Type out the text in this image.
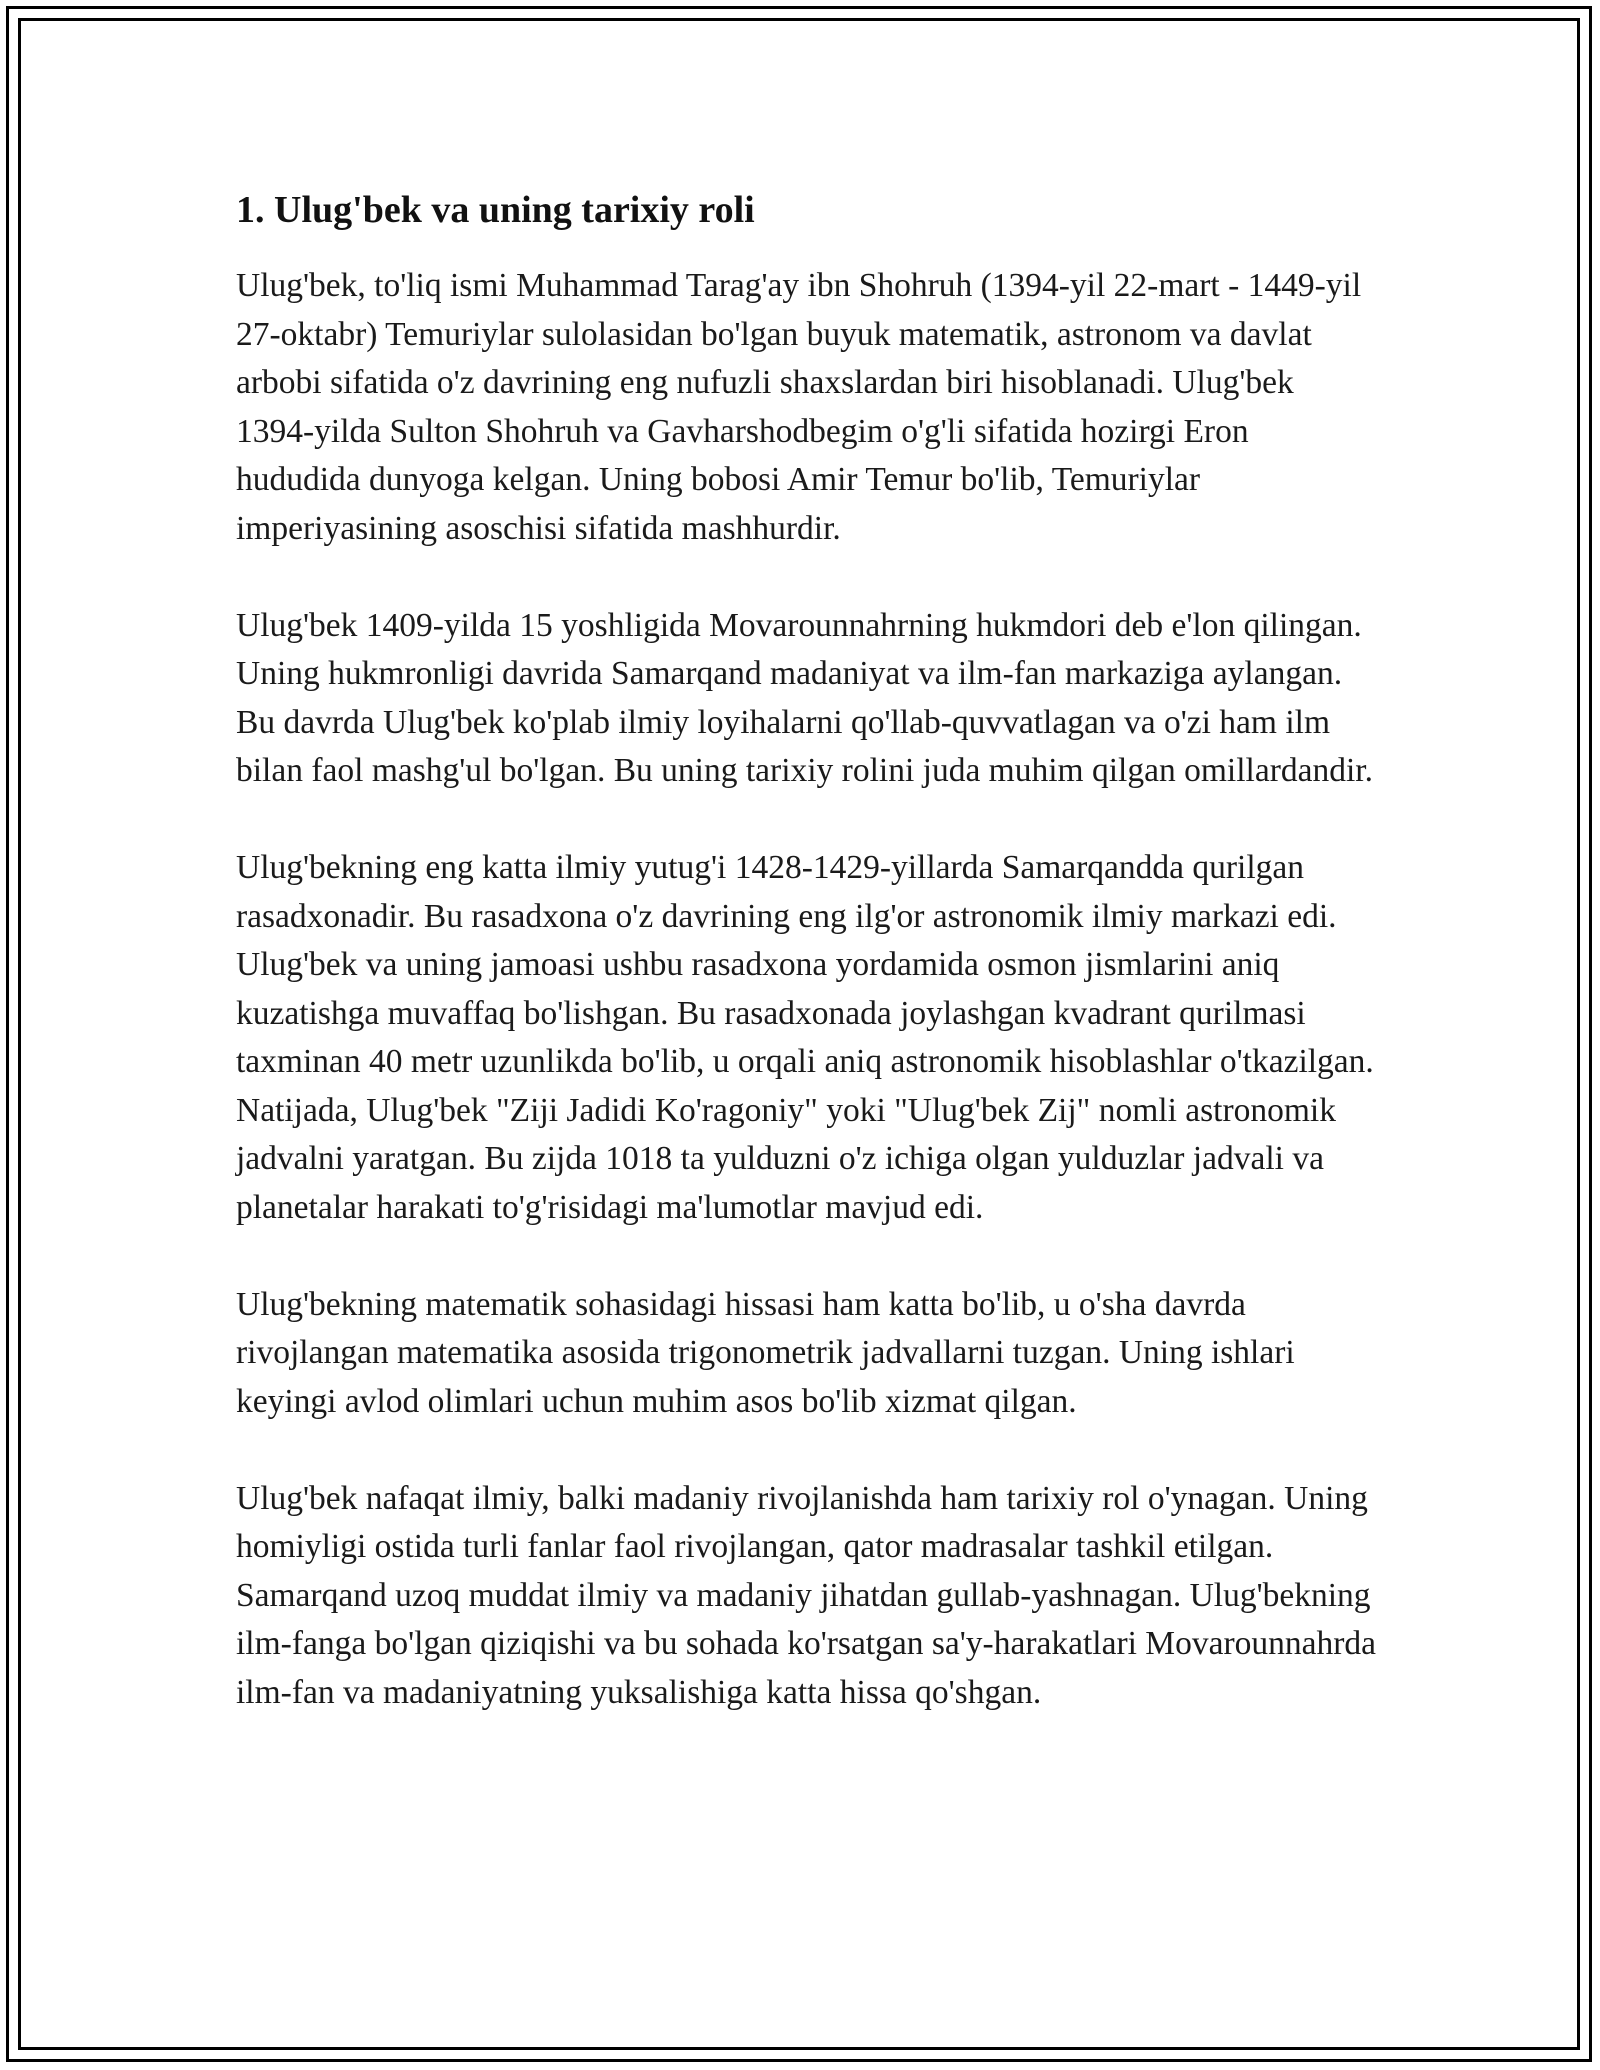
1. Ulug'bek va uning tarixiy roli

Ulug'bek, to'liq ismi Muhammad Tarag'ay ibn Shohruh (1394-yil 22-mart - 1449-yil 27-oktabr) Temuriylar sulolasidan bo'lgan buyuk matematik, astronom va davlat arbobi sifatida o'z davrining eng nufuzli shaxslardan biri hisoblanadi. Ulug'bek 1394-yilda Sulton Shohruh va Gavharshodbegim o'g'li sifatida hozirgi Eron hududida dunyoga kelgan. Uning bobosi Amir Temur bo'lib, Temuriylar imperiyasining asoschisi sifatida mashhurdir.

Ulug'bek 1409-yilda 15 yoshligida Movarounnahrning hukmdori deb e'lon qilingan. Uning hukmronligi davrida Samarqand madaniyat va ilm-fan markaziga aylangan. Bu davrda Ulug'bek ko'plab ilmiy loyihalarni qo'llab-quvvatlagan va o'zi ham ilm bilan faol mashg'ul bo'lgan. Bu uning tarixiy rolini juda muhim qilgan omillardandir.

Ulug'bekning eng katta ilmiy yutug'i 1428-1429-yillarda Samarqandda qurilgan rasadxonadir. Bu rasadxona o'z davrining eng ilg'or astronomik ilmiy markazi edi. Ulug'bek va uning jamoasi ushbu rasadxona yordamida osmon jismlarini aniq kuzatishga muvaffaq bo'lishgan. Bu rasadxonada joylashgan kvadrant qurilmasi taxminan 40 metr uzunlikda bo'lib, u orqali aniq astronomik hisoblashlar o'tkazilgan. Natijada, Ulug'bek "Ziji Jadidi Ko'ragoniy" yoki "Ulug'bek Zij" nomli astronomik jadvalni yaratgan. Bu zijda 1018 ta yulduzni o'z ichiga olgan yulduzlar jadvali va planetalar harakati to'g'risidagi ma'lumotlar mavjud edi.

Ulug'bekning matematik sohasidagi hissasi ham katta bo'lib, u o'sha davrda rivojlangan matematika asosida trigonometrik jadvallarni tuzgan. Uning ishlari keyingi avlod olimlari uchun muhim asos bo'lib xizmat qilgan.

Ulug'bek nafaqat ilmiy, balki madaniy rivojlanishda ham tarixiy rol o'ynagan. Uning homiyligi ostida turli fanlar faol rivojlangan, qator madrasalar tashkil etilgan. Samarqand uzoq muddat ilmiy va madaniy jihatdan gullab-yashnagan. Ulug'bekning ilm-fanga bo'lgan qiziqishi va bu sohada ko'rsatgan sa'y-harakatlari Movarounnahrda ilm-fan va madaniyatning yuksalishiga katta hissa qo'shgan.
